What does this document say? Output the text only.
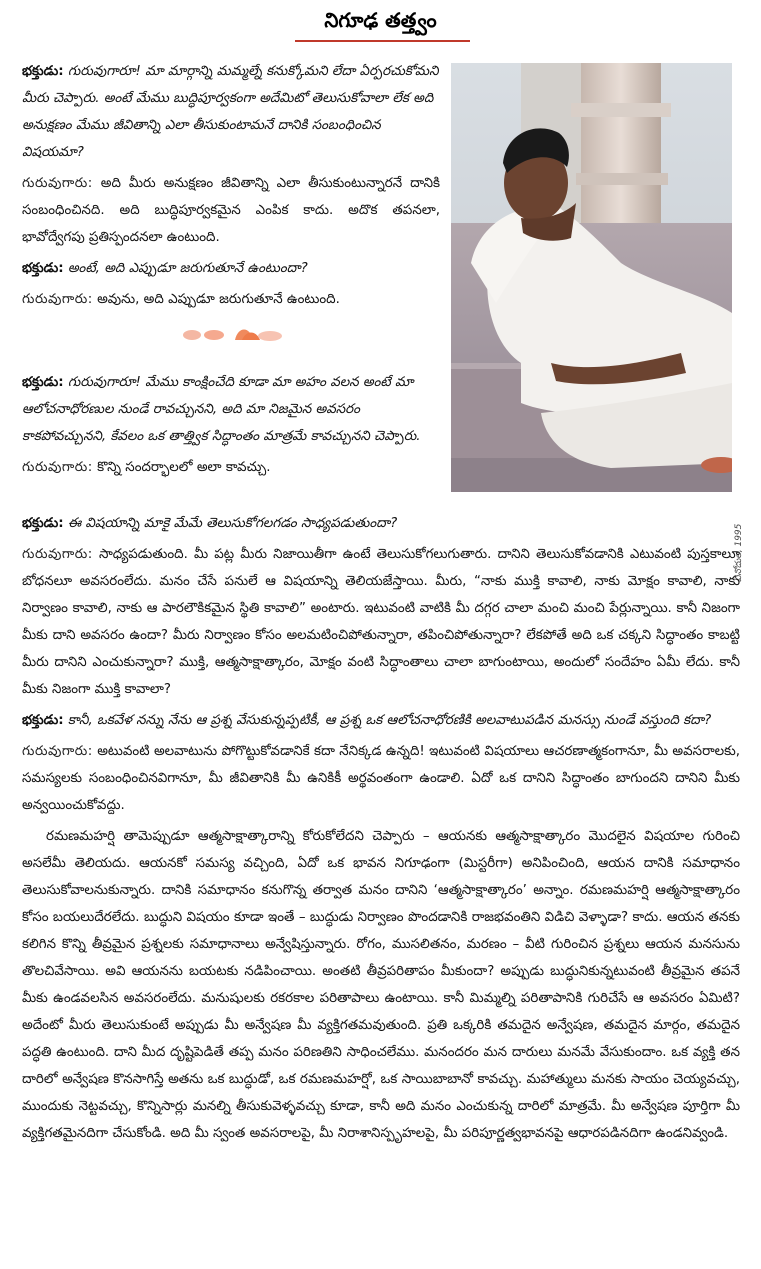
నిగూఢ తత్త్వం

భక్తుడు: గురువుగారూ! మా మార్గాన్ని మమ్మల్నే కనుక్కోమని లేదా ఏర్పరచుకోమని మీరు చెప్పారు. అంటే మేము బుద్ధిపూర్వకంగా అదేమిటో తెలుసుకోవాలా లేక అది అనుక్షణం మేము జీవితాన్ని ఎలా తీసుకుంటామనే దానికి సంబంధించిన విషయమా?

గురువుగారు: అది మీరు అనుక్షణం జీవితాన్ని ఎలా తీసుకుంటున్నారనే దానికి సంబంధించినది. అది బుద్ధిపూర్వకమైన ఎంపిక కాదు. అదొక తపనలా, భావోద్వేగపు ప్రతిస్పందనలా ఉంటుంది.

భక్తుడు: అంటే, అది ఎప్పుడూ జరుగుతూనే ఉంటుందా?

గురువుగారు: అవును, అది ఎప్పుడూ జరుగుతూనే ఉంటుంది.

భక్తుడు: గురువుగారూ! మేము కాంక్షించేది కూడా మా అహం వలన అంటే మా ఆలోచనాధోరణుల నుండే రావచ్చునని, అది మా నిజమైన అవసరం కాకపోవచ్చునని, కేవలం ఒక తాత్త్విక సిద్ధాంతం మాత్రమే కావచ్చునని చెప్పారు.

గురువుగారు: కొన్ని సందర్భాలలో అలా కావచ్చు.

వినోదుల, 1995

భక్తుడు: ఈ విషయాన్ని మాకై మేమే తెలుసుకోగలగడం సాధ్యపడుతుందా?

గురువుగారు: సాధ్యపడుతుంది. మీ పట్ల మీరు నిజాయితీగా ఉంటే తెలుసుకోగలుగుతారు. దానిని తెలుసుకోవడానికి ఎటువంటి పుస్తకాలూ బోధనలూ అవసరంలేదు. మనం చేసే పనులే ఆ విషయాన్ని తెలియజేస్తాయి. మీరు, “నాకు ముక్తి కావాలి, నాకు మోక్షం కావాలి, నాకు నిర్వాణం కావాలి, నాకు ఆ పారలౌకికమైన స్థితి కావాలి” అంటారు. ఇటువంటి వాటికి మీ దగ్గర చాలా మంచి మంచి పేర్లున్నాయి. కానీ నిజంగా మీకు దాని అవసరం ఉందా? మీరు నిర్వాణం కోసం అలమటించిపోతున్నారా, తపించిపోతున్నారా? లేకపోతే అది ఒక చక్కని సిద్ధాంతం కాబట్టి మీరు దానిని ఎంచుకున్నారా? ముక్తి, ఆత్మసాక్షాత్కారం, మోక్షం వంటి సిద్ధాంతాలు చాలా బాగుంటాయి, అందులో సందేహం ఏమీ లేదు. కానీ మీకు నిజంగా ముక్తి కావాలా?

భక్తుడు: కానీ, ఒకవేళ నన్ను నేను ఆ ప్రశ్న వేసుకున్నప్పటికీ, ఆ ప్రశ్న ఒక ఆలోచనాధోరణికి అలవాటుపడిన మనస్సు నుండే వస్తుంది కదా?

గురువుగారు: అటువంటి అలవాటును పోగొట్టుకోవడానికే కదా నేనిక్కడ ఉన్నది! ఇటువంటి విషయాలు ఆచరణాత్మకంగానూ, మీ అవసరాలకు, సమస్యలకు సంబంధించినవిగానూ, మీ జీవితానికి మీ ఉనికికీ అర్థవంతంగా ఉండాలి. ఏదో ఒక దానిని సిద్ధాంతం బాగుందని దానిని మీకు అన్వయించుకోవద్దు.

రమణమహర్షి తామెప్పుడూ ఆత్మసాక్షాత్కారాన్ని కోరుకోలేదని చెప్పారు – ఆయనకు ఆత్మసాక్షాత్కారం మొదలైన విషయాల గురించి అసలేమీ తెలియదు. ఆయనకో సమస్య వచ్చింది, ఏదో ఒక భావన నిగూఢంగా (మిస్టరీగా) అనిపించింది, ఆయన దానికి సమాధానం తెలుసుకోవాలనుకున్నారు. దానికి సమాధానం కనుగొన్న తర్వాత మనం దానిని ‘ఆత్మసాక్షాత్కారం’ అన్నాం. రమణమహర్షి ఆత్మసాక్షాత్కారం కోసం బయలుదేరలేదు. బుద్ధుని విషయం కూడా ఇంతే – బుద్ధుడు నిర్వాణం పొందడానికి రాజభవంతిని విడిచి వెళ్ళాడా? కాదు. ఆయన తనకు కలిగిన కొన్ని తీవ్రమైన ప్రశ్నలకు సమాధానాలు అన్వేషిస్తున్నారు. రోగం, ముసలితనం, మరణం – వీటి గురించిన ప్రశ్నలు ఆయన మనసును తొలచివేసాయి. అవి ఆయనను బయటకు నడిపించాయి. అంతటి తీవ్రపరితాపం మీకుందా? అప్పుడు బుద్ధునికున్నటువంటి తీవ్రమైన తపనే మీకు ఉండవలసిన అవసరంలేదు. మనుషులకు రకరకాల పరితాపాలు ఉంటాయి. కానీ మిమ్మల్ని పరితాపానికి గురిచేసే ఆ అవసరం ఏమిటి? అదేంటో మీరు తెలుసుకుంటే అప్పుడు మీ అన్వేషణ మీ వ్యక్తిగతమవుతుంది. ప్రతి ఒక్కరికి తమదైన అన్వేషణ, తమదైన మార్గం, తమదైన పద్ధతి ఉంటుంది. దాని మీద దృష్టిపెడితే తప్ప మనం పరిణతిని సాధించలేము. మనందరం మన దారులు మనమే వేసుకుందాం. ఒక వ్యక్తి తన దారిలో అన్వేషణ కొనసాగిస్తే అతను ఒక బుద్ధుడో, ఒక రమణమహర్షో, ఒక సాయిబాబానో కావచ్చు. మహాత్ములు మనకు సాయం చెయ్యవచ్చు, ముందుకు నెట్టవచ్చు, కొన్నిసార్లు మనల్ని తీసుకువెళ్ళవచ్చు కూడా, కానీ అది మనం ఎంచుకున్న దారిలో మాత్రమే. మీ అన్వేషణ పూర్తిగా మీ వ్యక్తిగతమైనదిగా చేసుకోండి. అది మీ స్వంత అవసరాలపై, మీ నిరాశానిస్పృహలపై, మీ పరిపూర్ణత్వభావనపై ఆధారపడినదిగా ఉండనివ్వండి.
